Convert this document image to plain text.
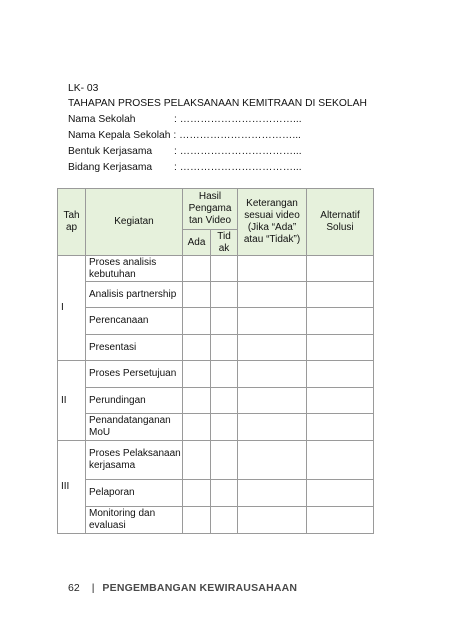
LK- 03
TAHAPAN PROSES PELAKSANAAN KEMITRAAN DI SEKOLAH
Nama Sekolah	: ……………………………...
Nama Kepala Sekolah : ……………………………...
Bentuk Kerjasama : ……………………………...
Bidang Kerjasama : ……………………………...
Tah ap	Kegiatan	Hasil Pengama tan Video		Keterangan sesuai video (Jika “Ada” atau “Tidak”)	Alternatif Solusi
		Ada	Tid ak		
I	Proses analisis kebutuhan				
	Analisis partnership				
	Perencanaan				
	Presentasi				
II	Proses Persetujuan				
	Perundingan				
	Penandatanganan MoU				
III	Proses Pelaksanaan kerjasama				
	Pelaporan				
	Monitoring dan evaluasi				
62 | PENGEMBANGAN KEWIRAUSAHAAN
